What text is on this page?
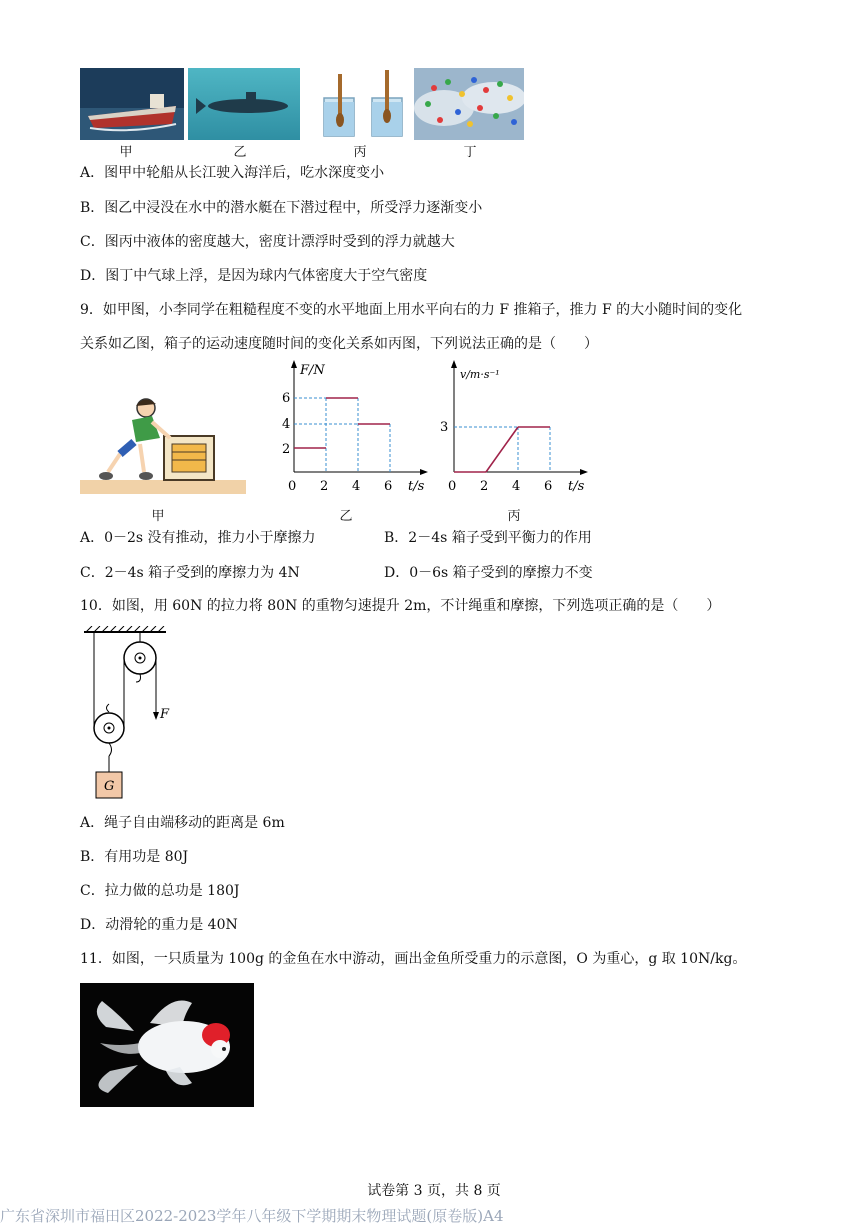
甲	乙	丙	丁
A．图甲中轮船从长江驶入海洋后，吃水深度变小
B．图乙中浸没在水中的潜水艇在下潜过程中，所受浮力逐渐变小
C．图丙中液体的密度越大，密度计漂浮时受到的浮力就越大
D．图丁中气球上浮，是因为球内气体密度大于空气密度
9．如甲图，小李同学在粗糙程度不变的水平地面上用水平向右的力 F 推箱子，推力 F 的大小随时间的变化
关系如乙图，箱子的运动速度随时间的变化关系如丙图，下列说法正确的是（　　）
甲
F/N
t/s
6
4
2
0 2 4 6
乙
v/m·s⁻¹
t/s
3
0 2 4 6
丙
A．0－2s 没有推动，推力小于摩擦力	B．2－4s 箱子受到平衡力的作用
C．2－4s 箱子受到的摩擦力为 4N	D．0－6s 箱子受到的摩擦力不变
10．如图，用 60N 的拉力将 80N 的重物匀速提升 2m，不计绳重和摩擦，下列选项正确的是（　　）
G
F
A．绳子自由端移动的距离是 6m
B．有用功是 80J
C．拉力做的总功是 180J
D．动滑轮的重力是 40N
11．如图，一只质量为 100g 的金鱼在水中游动，画出金鱼所受重力的示意图，O 为重心，g 取 10N/kg。
试卷第 3 页，共 8 页
广东省深圳市福田区2022-2023学年八年级下学期期末物理试题(原卷版)A4
